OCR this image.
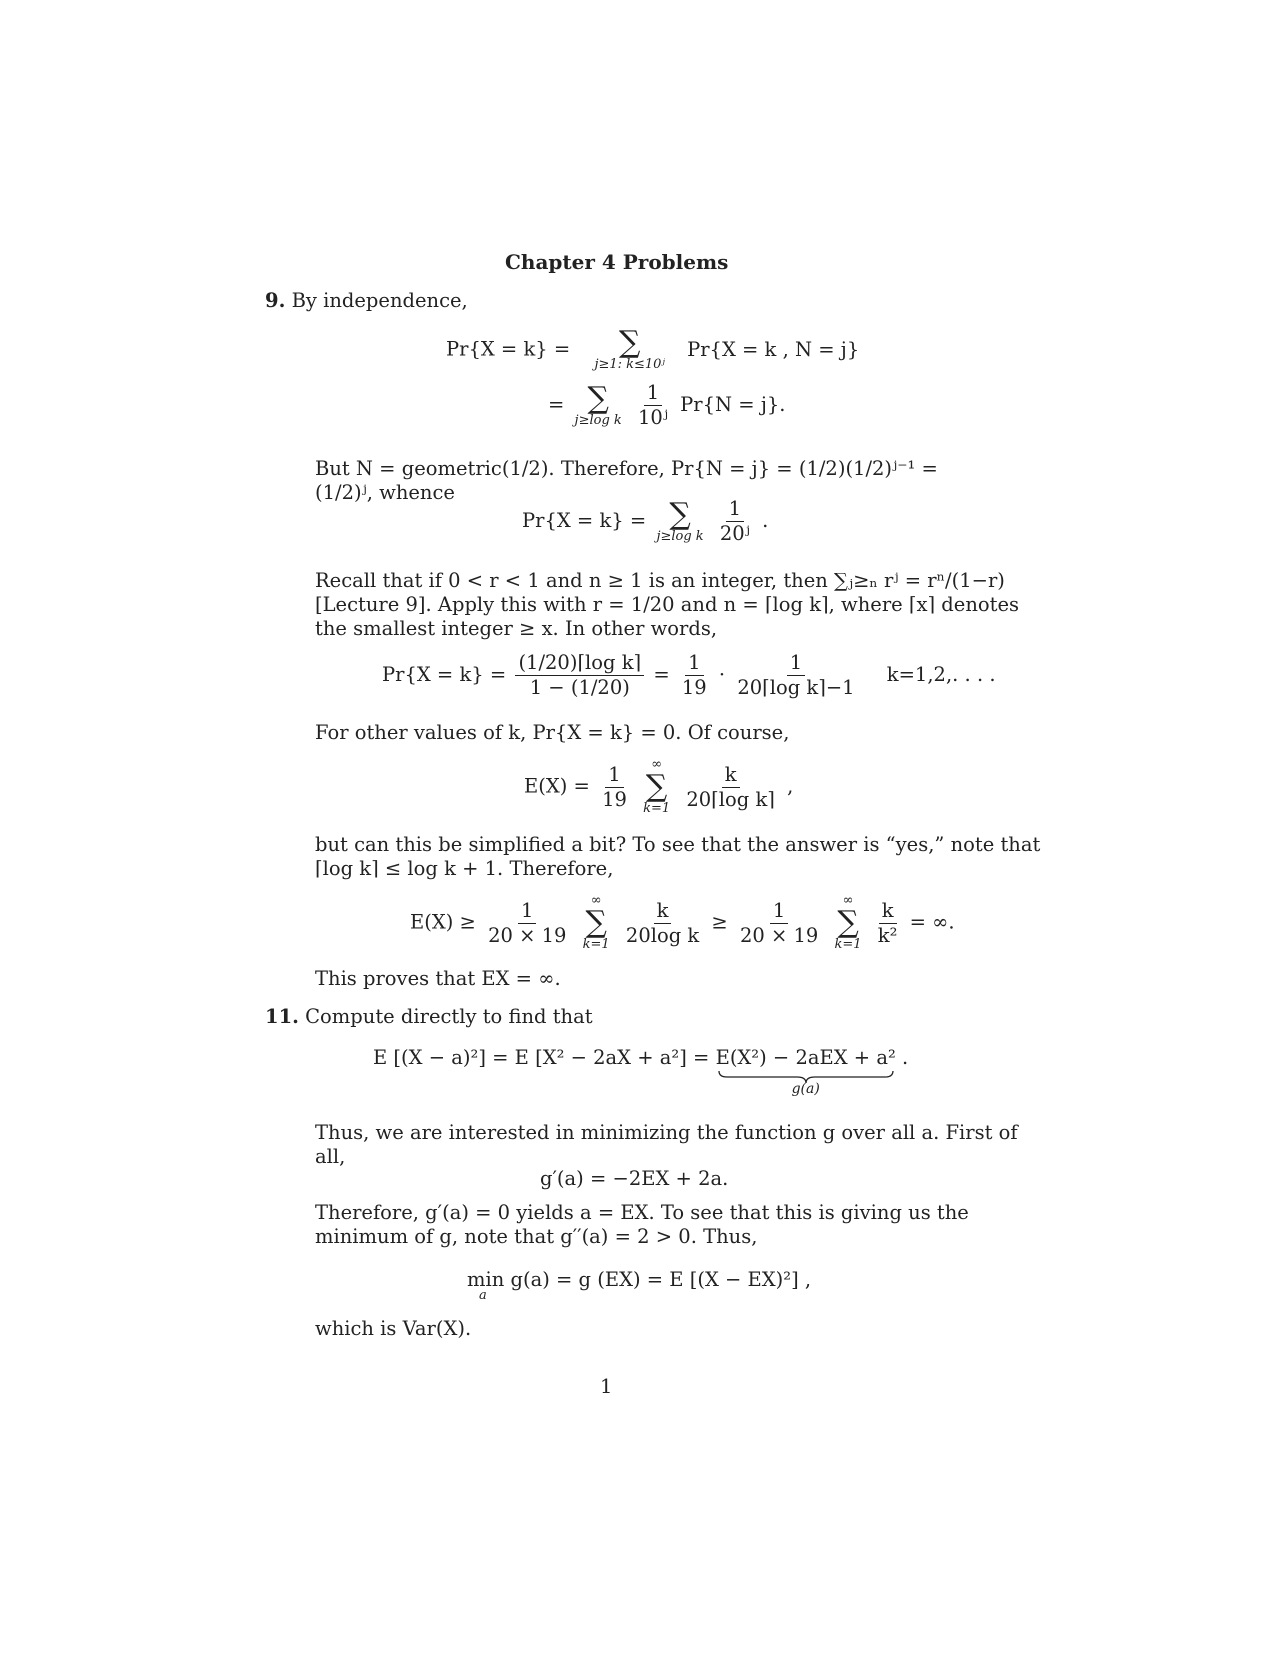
Chapter 4 Problems
9. By independence,
Pr{X = k} = ∑
j≥1: k≤10ʲ
Pr{X = k , N = j}
= ∑
j≥log k
$\frac{1}{\text{10ʲ}} Pr\{N = j\}$.
But N = geometric(1/2). Therefore, Pr{N = j} = (1/2)(1/2)ʲ⁻¹ =
(1/2)ʲ, whence
Pr{X = k} = ∑
j≥log k
$\frac{1}{\text{20ʲ}}$ .
Recall that if 0 < r < 1 and n ≥ 1 is an integer, then ∑ⱼ≥ₙ rʲ = rⁿ/(1−r)
[Lecture 9]. Apply this with r = 1/20 and n = ⌈log k⌉, where ⌈x⌉ denotes
the smallest integer ≥ x. In other words,
$Pr\{X = k\} = \frac{\text{(1/20)⌈log k⌉}}{1 - (1/20)} = \frac{1}{19} \cdot \frac{1}{\text{20⌈log k⌉−1}} k=1,2$,. . . .
For other values of k, Pr{X = k} = 0. Of course,
$E(X) = \frac{1}{19}$
∞
∑
k=1
$\frac{k}{\text{20⌈log k⌉}}$ ,
but can this be simplified a bit? To see that the answer is “yes,” note that
⌈log k⌉ ≤ log k + 1. Therefore,
$E(X) \ge \frac{1}{20 \times 19}$
∞
∑
k=1
$\frac{k}{\text{20log k}} \ge \frac{1}{20 \times 19}$
∞
∑
k=1
$\frac{k}{\text{k²}}$ = ∞.
This proves that EX = ∞.
11. Compute directly to find that
E [(X − a)²] = E [X² − 2aX + a²] = E(X²) − 2aEX + a²
g(a)
.
Thus, we are interested in minimizing the function g over all a. First of
all,
g′(a) = −2EX + 2a.
Therefore, g′(a) = 0 yields a = EX. To see that this is giving us the
minimum of g, note that g′′(a) = 2 > 0. Thus,
min g(a) = g (EX) = E [(X − EX)²] ,
a
which is Var(X).
1
